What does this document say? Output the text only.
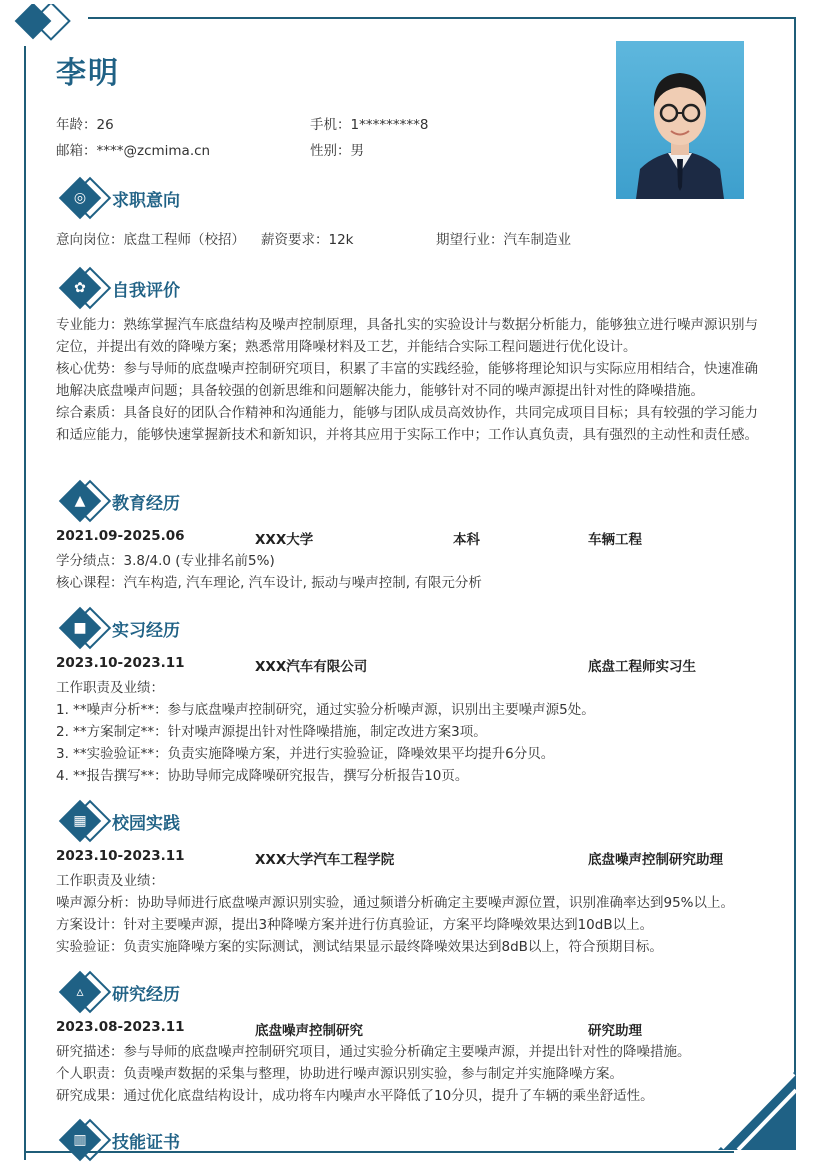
李明
年龄：26	手机：1*********8
邮箱：****@zcmima.cn	性别：男
◎	求职意向
意向岗位：底盘工程师（校招） 薪资要求：12k	期望行业：汽车制造业
✿	自我评价
专业能力：熟练掌握汽车底盘结构及噪声控制原理，具备扎实的实验设计与数据分析能力，能够独立进行噪声源识别与定位，并提出有效的降噪方案；熟悉常用降噪材料及工艺，并能结合实际工程问题进行优化设计。
核心优势：参与导师的底盘噪声控制研究项目，积累了丰富的实践经验，能够将理论知识与实际应用相结合，快速准确地解决底盘噪声问题；具备较强的创新思维和问题解决能力，能够针对不同的噪声源提出针对性的降噪措施。
综合素质：具备良好的团队合作精神和沟通能力，能够与团队成员高效协作，共同完成项目目标；具有较强的学习能力和适应能力，能够快速掌握新技术和新知识，并将其应用于实际工作中；工作认真负责，具有强烈的主动性和责任感。
▲	教育经历
2021.09-2025.06	XXX大学	本科	车辆工程
学分绩点：3.8/4.0 (专业排名前5%)
核心课程：汽车构造, 汽车理论, 汽车设计, 振动与噪声控制, 有限元分析
■	实习经历
2023.10-2023.11	XXX汽车有限公司	底盘工程师实习生
工作职责及业绩：
1. **噪声分析**：参与底盘噪声控制研究，通过实验分析噪声源，识别出主要噪声源5处。
2. **方案制定**：针对噪声源提出针对性降噪措施，制定改进方案3项。
3. **实验验证**：负责实施降噪方案，并进行实验验证，降噪效果平均提升6分贝。
4. **报告撰写**：协助导师完成降噪研究报告，撰写分析报告10页。
▦	校园实践
2023.10-2023.11	XXX大学汽车工程学院	底盘噪声控制研究助理
工作职责及业绩：
噪声源分析：协助导师进行底盘噪声源识别实验，通过频谱分析确定主要噪声源位置，识别准确率达到95%以上。
方案设计：针对主要噪声源，提出3种降噪方案并进行仿真验证，方案平均降噪效果达到10dB以上。
实验验证：负责实施降噪方案的实际测试，测试结果显示最终降噪效果达到8dB以上，符合预期目标。
▵	研究经历
2023.08-2023.11	底盘噪声控制研究	研究助理
研究描述：参与导师的底盘噪声控制研究项目，通过实验分析确定主要噪声源，并提出针对性的降噪措施。
个人职责：负责噪声数据的采集与整理，协助进行噪声源识别实验，参与制定并实施降噪方案。
研究成果：通过优化底盘结构设计，成功将车内噪声水平降低了10分贝，提升了车辆的乘坐舒适性。
▥	技能证书
